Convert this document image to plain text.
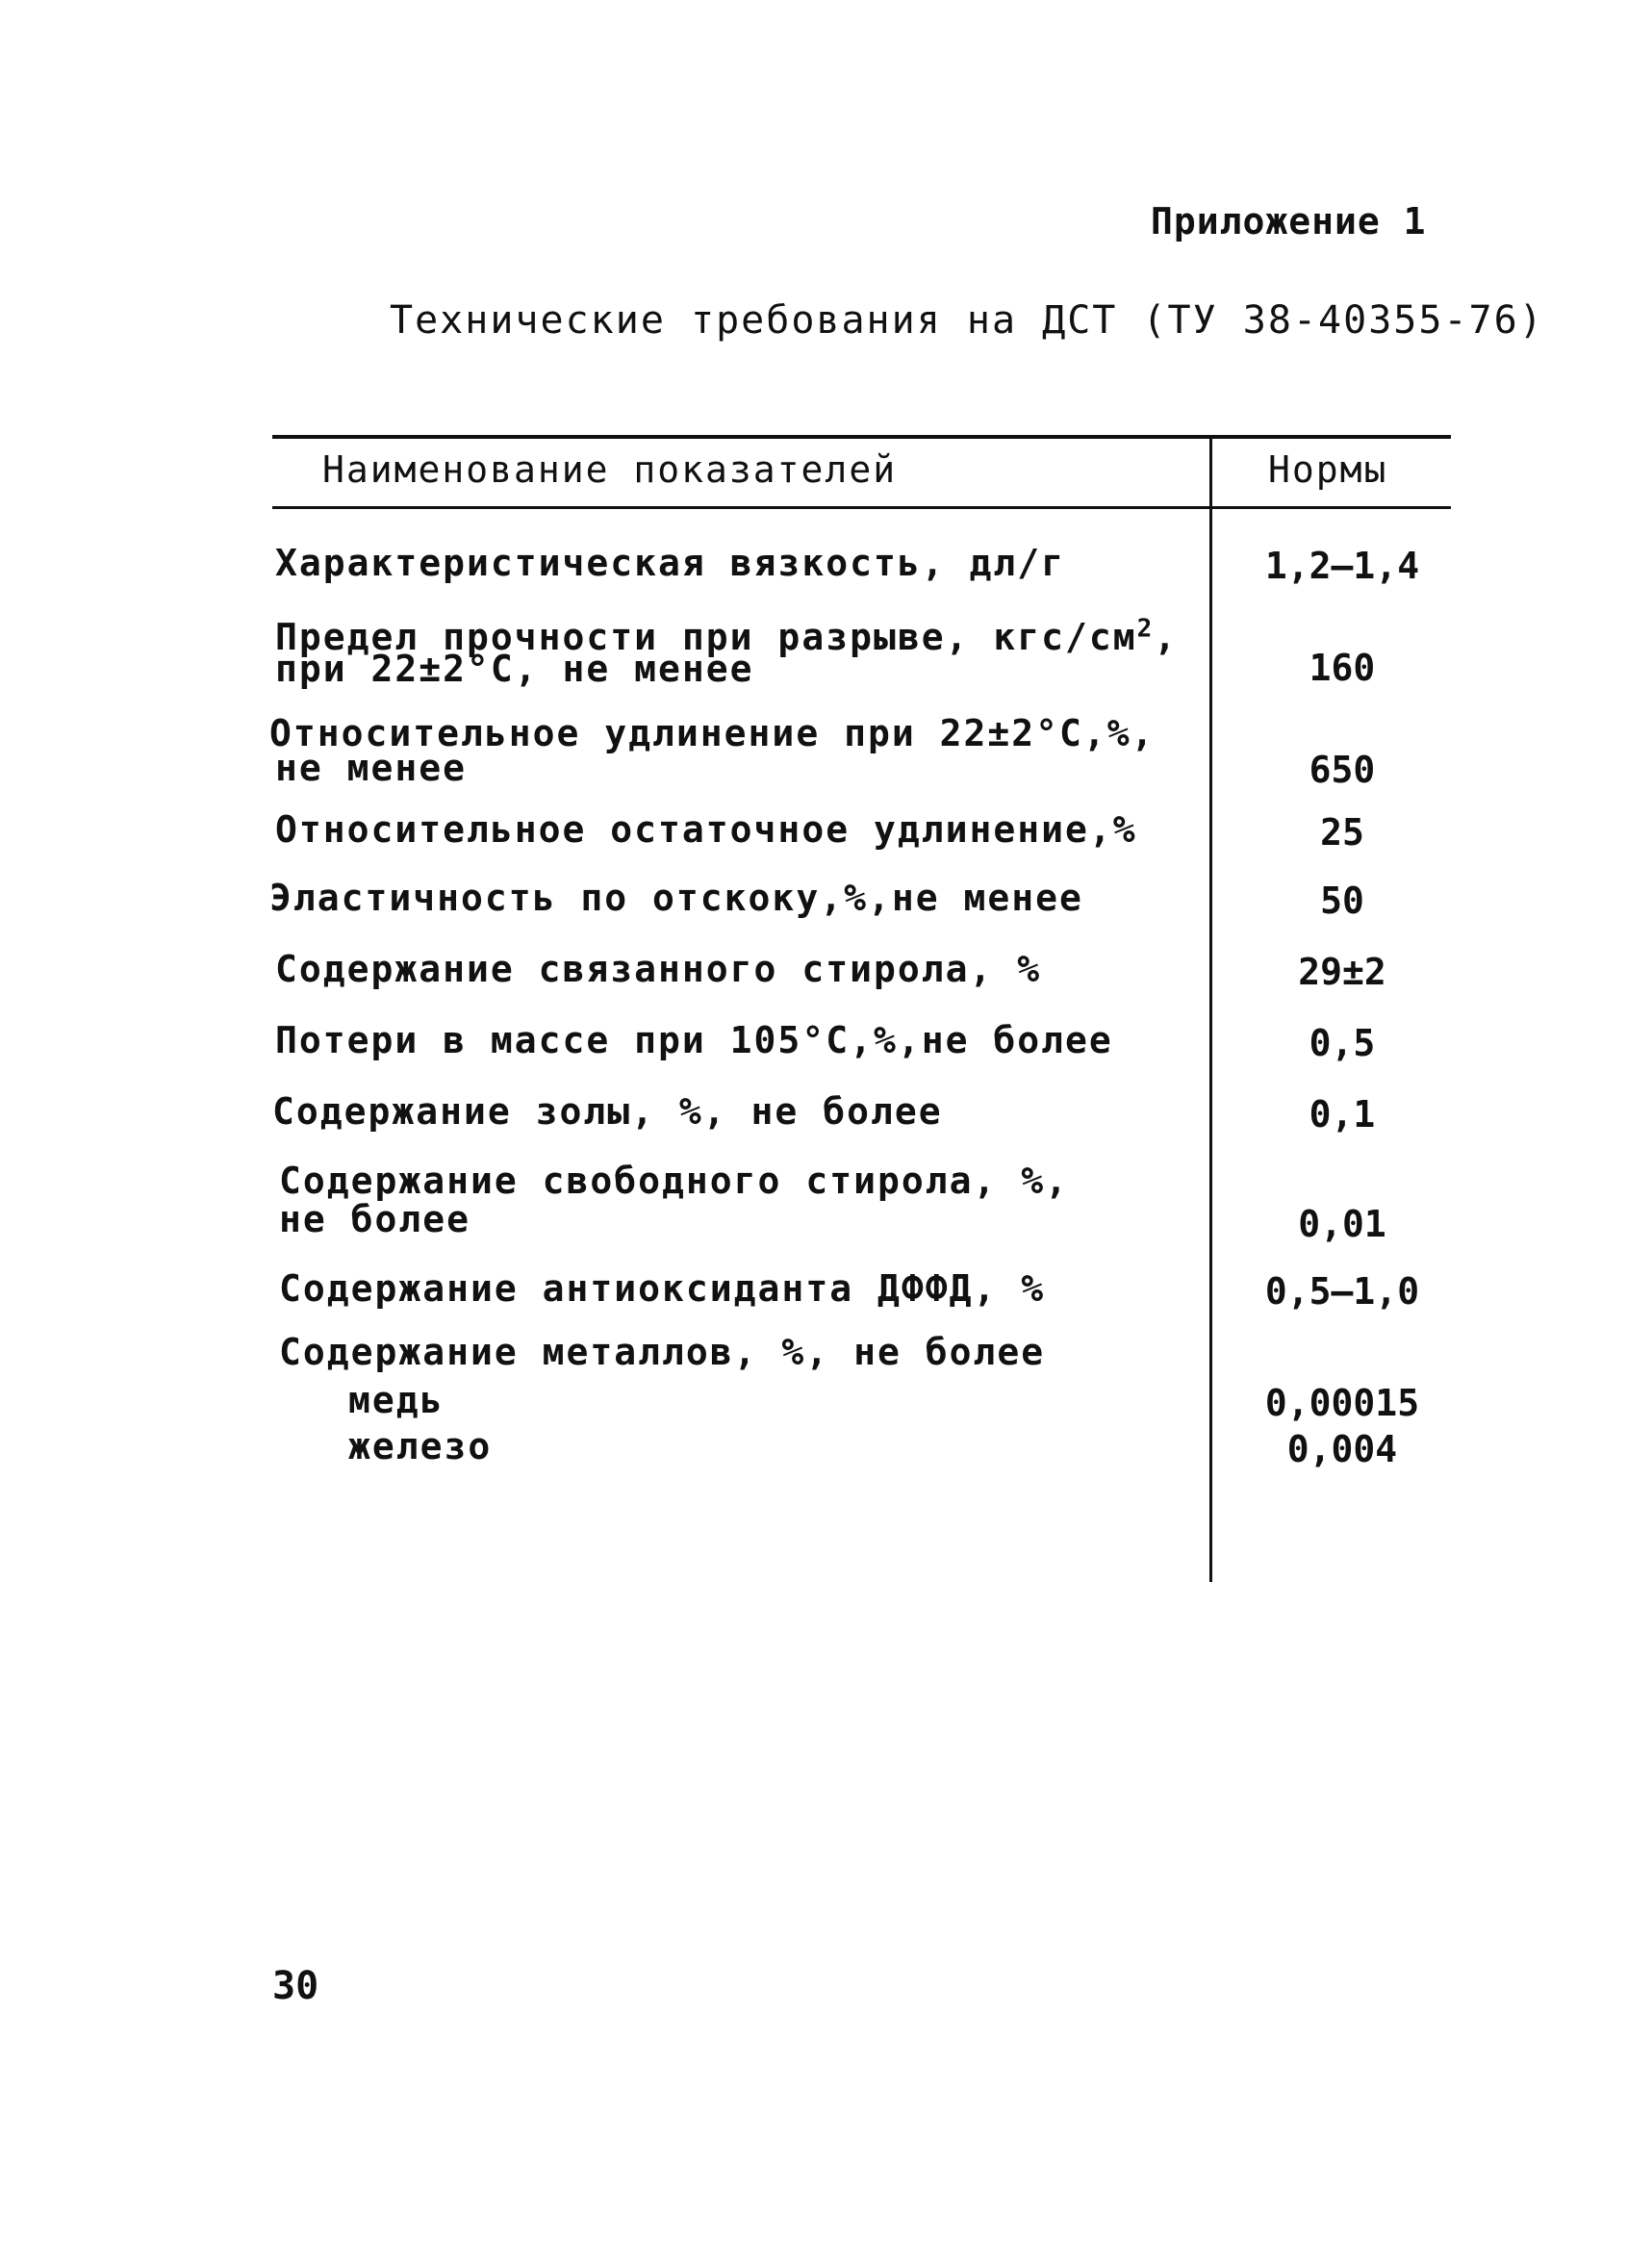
Приложение 1
Технические требования на ДСТ (ТУ 38-40355-76)
Наименование показателей	Нормы
Характеристическая вязкость, дл/г	1,2–1,4
Предел прочности при разрыве, кгс/$см^2$,
при 22±2°С, не менее	160
Относительное удлинение при 22±2°С,%,
не менее	650
Относительное остаточное удлинение,%	25
Эластичность по отскоку,%,не менее	50
Содержание связанного стирола, %	29±2
Потери в массе при 105°С,%,не более	0,5
Содержание золы, %, не более	0,1
Содержание свободного стирола, %,
не более	0,01
Содержание антиоксиданта ДФФД, %	0,5–1,0
Содержание металлов, %, не более
медь	0,00015
железо	0,004
30
